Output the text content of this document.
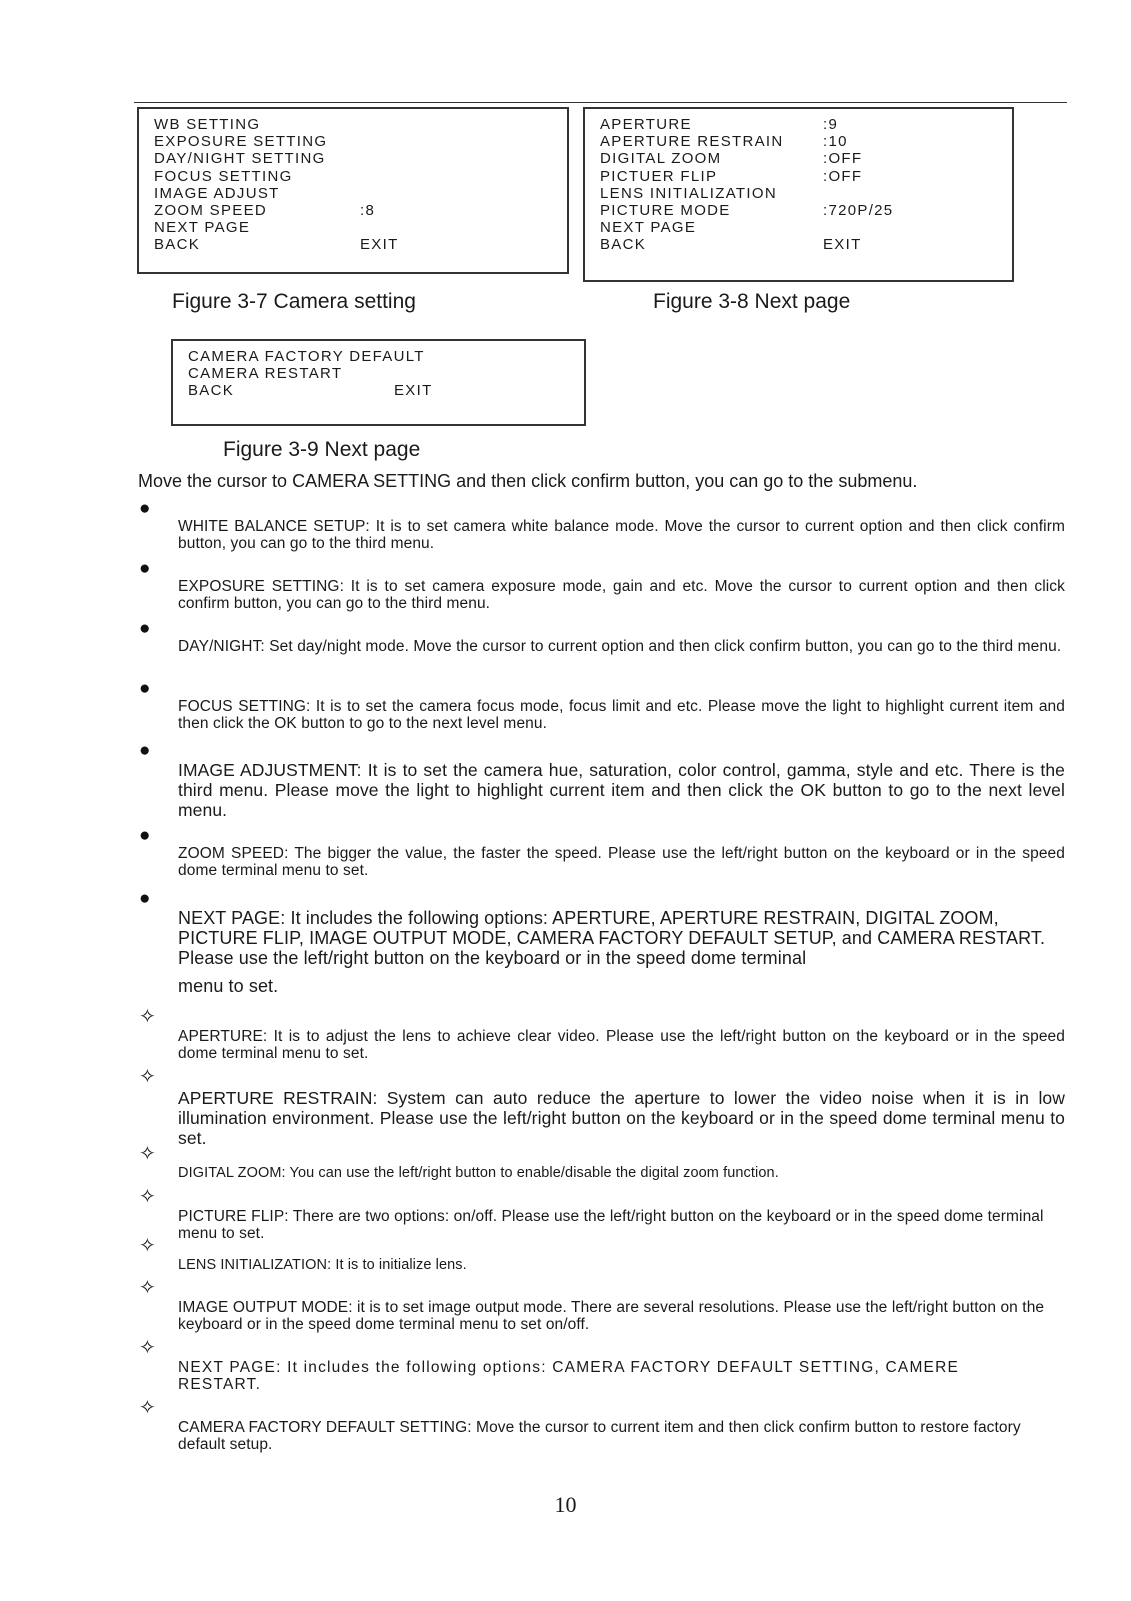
WB SETTING
EXPOSURE SETTING
DAY/NIGHT SETTING
FOCUS SETTING
IMAGE ADJUST
ZOOM SPEED	:8
NEXT PAGE
BACK	EXIT
APERTURE	:9
APERTURE RESTRAIN	:10
DIGITAL ZOOM	:OFF
PICTUER FLIP	:OFF
LENS INITIALIZATION
PICTURE MODE	:720P/25
NEXT PAGE
BACK	EXIT
Figure 3-7 Camera setting	Figure 3-8 Next page
CAMERA FACTORY DEFAULT
CAMERA RESTART
BACK	EXIT
Figure 3-9 Next page
Move the cursor to CAMERA SETTING and then click confirm button, you can go to the submenu.
●
WHITE BALANCE SETUP: It is to set camera white balance mode. Move the cursor to current option and then click confirm button, you can go to the third menu.
●
EXPOSURE SETTING: It is to set camera exposure mode, gain and etc. Move the cursor to current option and then click confirm button, you can go to the third menu.
●
DAY/NIGHT: Set day/night mode. Move the cursor to current option and then click confirm button, you can go to the third menu.
●
FOCUS SETTING: It is to set the camera focus mode, focus limit and etc. Please move the light to highlight current item and then click the OK button to go to the next level menu.
●
IMAGE ADJUSTMENT: It is to set the camera hue, saturation, color control, gamma, style and etc. There is the third menu. Please move the light to highlight current item and then click the OK button to go to the next level menu.
●
ZOOM SPEED: The bigger the value, the faster the speed. Please use the left/right button on the keyboard or in the speed dome terminal menu to set.
●
NEXT PAGE: It includes the following options: APERTURE, APERTURE RESTRAIN, DIGITAL ZOOM, PICTURE FLIP, IMAGE OUTPUT MODE, CAMERA FACTORY DEFAULT SETUP, and CAMERA RESTART. Please use the left/right button on the keyboard or in the speed dome terminal
menu to set.
✧
APERTURE: It is to adjust the lens to achieve clear video. Please use the left/right button on the keyboard or in the speed dome terminal menu to set.
✧
APERTURE RESTRAIN: System can auto reduce the aperture to lower the video noise when it is in low illumination environment. Please use the left/right button on the keyboard or in the speed dome terminal menu to set.
✧
DIGITAL ZOOM: You can use the left/right button to enable/disable the digital zoom function.
✧
PICTURE FLIP: There are two options: on/off. Please use the left/right button on the keyboard or in the speed dome terminal menu to set.
✧
LENS INITIALIZATION: It is to initialize lens.
✧
IMAGE OUTPUT MODE: it is to set image output mode. There are several resolutions. Please use the left/right button on the keyboard or in the speed dome terminal menu to set on/off.
✧
NEXT PAGE: It includes the following options: CAMERA FACTORY DEFAULT SETTING, CAMERE RESTART.
✧
CAMERA FACTORY DEFAULT SETTING: Move the cursor to current item and then click confirm button to restore factory default setup.
10
